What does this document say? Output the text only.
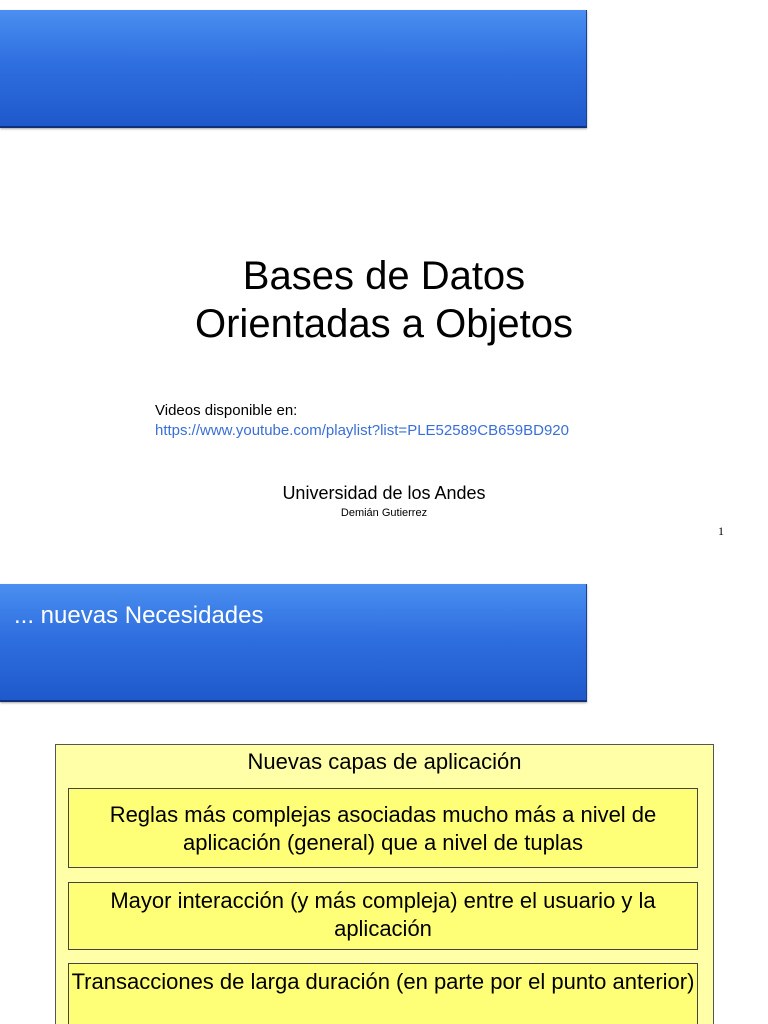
Bases de Datos
Orientadas a Objetos
Videos disponible en:
https://www.youtube.com/playlist?list=PLE52589CB659BD920
Universidad de los Andes
Demián Gutierrez
1
... nuevas Necesidades
Nuevas capas de aplicación
Reglas más complejas asociadas mucho más a nivel de aplicación (general) que a nivel de tuplas
Mayor interacción (y más compleja) entre el usuario y la aplicación
Transacciones de larga duración (en parte por el punto anterior)
